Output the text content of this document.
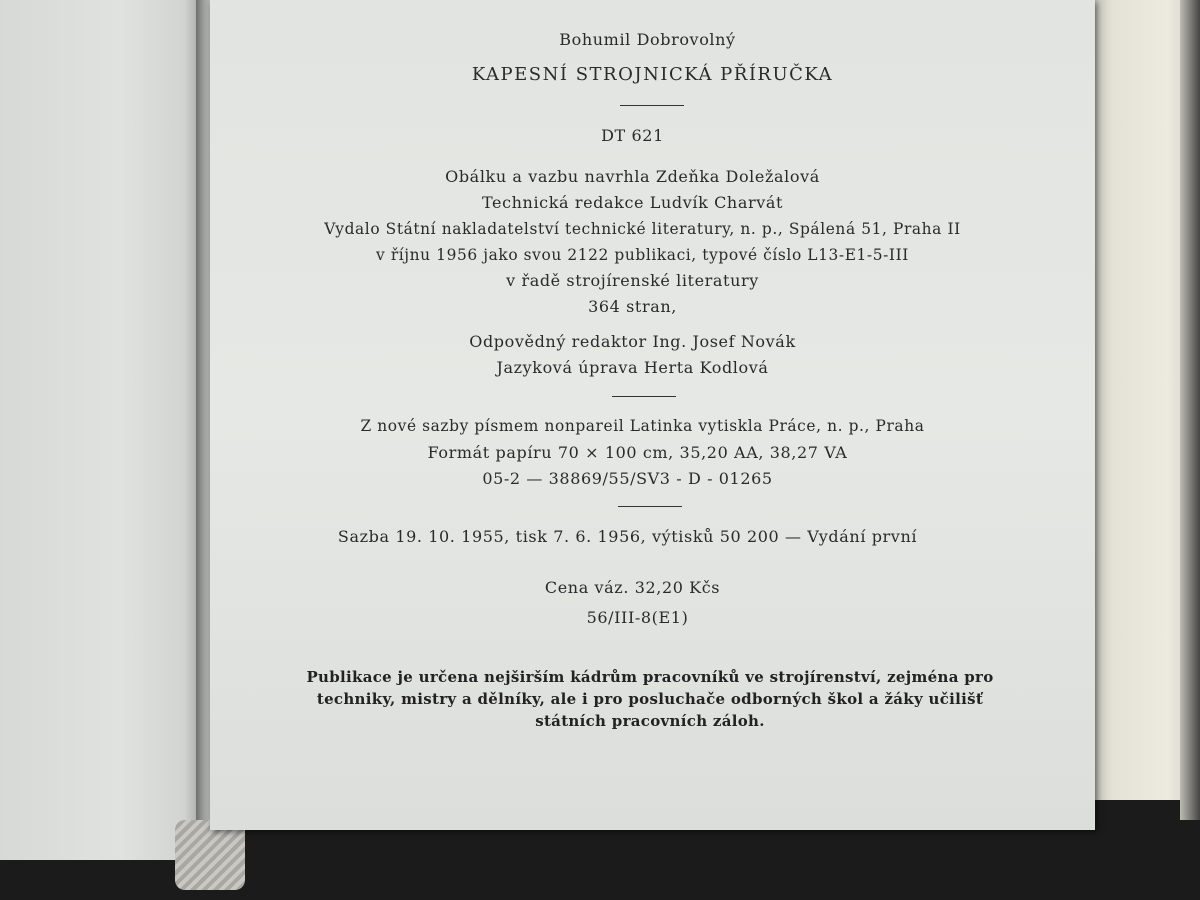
Bohumil Dobrovolný

KAPESNÍ STROJNICKÁ PŘÍRUČKA

DT 621

Obálku a vazbu navrhla Zdeňka Doležalová

Technická redakce Ludvík Charvát

Vydalo Státní nakladatelství technické literatury, n. p., Spálená 51, Praha II

v říjnu 1956 jako svou 2122 publikaci, typové číslo L13-E1-5-III

v řadě strojírenské literatury

364 stran,

Odpovědný redaktor Ing. Josef Novák

Jazyková úprava Herta Kodlová

Z nové sazby písmem nonpareil Latinka vytiskla Práce, n. p., Praha

Formát papíru 70 × 100 cm, 35,20 AA, 38,27 VA

05-2 — 38869/55/SV3 - D - 01265

Sazba 19. 10. 1955, tisk 7. 6. 1956, výtisků 50 200 — Vydání první

Cena váz. 32,20 Kčs

56/III-8(E1)

Publikace je určena nejširším kádrům pracovníků ve strojírenství, zejména pro
techniky, mistry a dělníky, ale i pro posluchače odborných škol a žáky učilišť
státních pracovních záloh.
